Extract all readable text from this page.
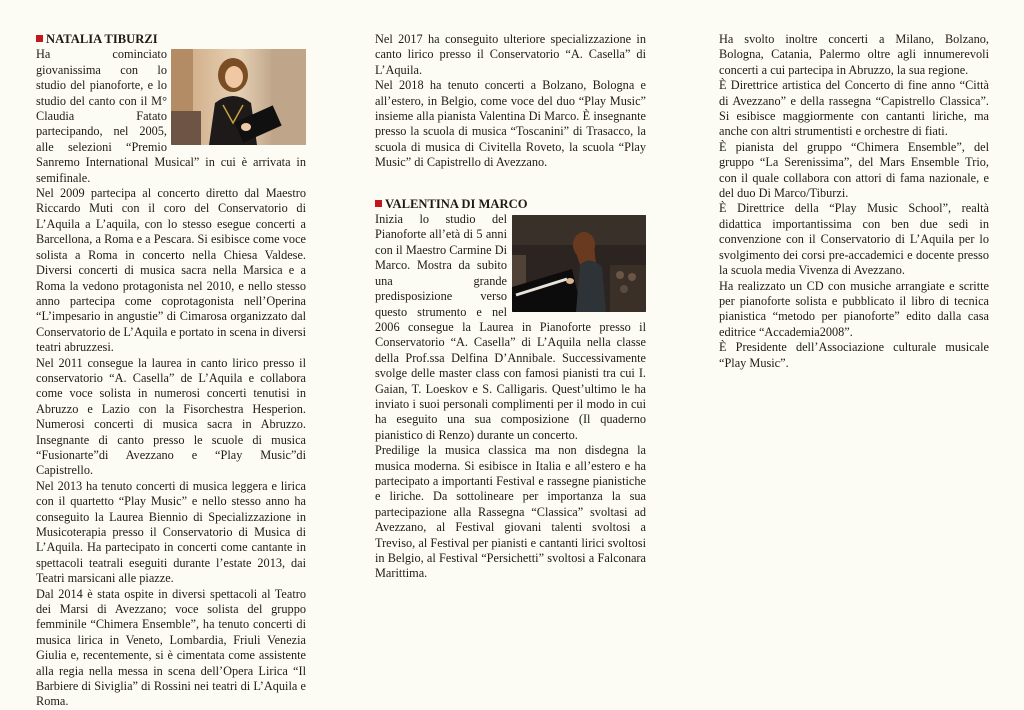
NATALIA TIBURZI

Ha cominciato giovanissima con lo studio del pianoforte, e lo studio del canto con il M° Claudia Fatato partecipando, nel 2005, alle selezioni “Premio Sanremo International Musical” in cui è arrivata in semifinale.

Nel 2009 partecipa al concerto diretto dal Maestro Riccardo Muti con il coro del Conservatorio di L’Aquila a L’aquila, con lo stesso esegue concerti a Barcellona, a Roma e a Pescara. Si esibisce come voce solista a Roma in concerto nella Chiesa Valdese. Diversi concerti di musica sacra nella Marsica e a Roma la vedono protagonista nel 2010, e nello stesso anno partecipa come coprotagonista nell’Operina “L’impesario in angustie” di Cimarosa organizzato dal Conservatorio de L’Aquila e portato in scena in diversi teatri abruzzesi.

Nel 2011 consegue la laurea in canto lirico presso il conservatorio “A. Casella” de L’Aquila e collabora come voce solista in numerosi concerti tenutisi in Abruzzo e Lazio con la Fisorchestra Hesperion. Numerosi concerti di musica sacra in Abruzzo. Insegnante di canto presso le scuole di musica “Fusionarte”di Avezzano e “Play Music”di Capistrello.

Nel 2013 ha tenuto concerti di musica leggera e lirica con il quartetto “Play Music” e nello stesso anno ha conseguito la Laurea Biennio di Specializzazione in Musicoterapia presso il Conservatorio di Musica di L’Aquila. Ha partecipato in concerti come cantante in spettacoli teatrali eseguiti durante l’estate 2013, dai Teatri marsicani alle piazze.

Dal 2014 è stata ospite in diversi spettacoli al Teatro dei Marsi di Avezzano; voce solista del gruppo femminile “Chimera Ensemble”, ha tenuto concerti di musica lirica in Veneto, Lombardia, Friuli Venezia Giulia e, recentemente, si è cimentata come assistente alla regia nella messa in scena dell’Opera Lirica “Il Barbiere di Siviglia” di Rossini nei teatri di L’Aquila e Roma.

Nel 2017 ha conseguito ulteriore specializzazione in canto lirico presso il Conservatorio “A. Casella” di L’Aquila.

Nel 2018 ha tenuto concerti a Bolzano, Bologna e all’estero, in Belgio, come voce del duo “Play Music” insieme alla pianista Valentina Di Marco. È insegnante presso la scuola di musica “Toscanini” di Trasacco, la scuola di musica di Civitella Roveto, la scuola “Play Music” di Capistrello di Avezzano.

VALENTINA DI MARCO

Inizia lo studio del Pianoforte all’età di 5 anni con il Maestro Carmine Di Marco. Mostra da subito una grande predisposizione verso questo strumento e nel 2006 consegue la Laurea in Pianoforte presso il Conservatorio “A. Casella” di L’Aquila nella classe della Prof.ssa Delfina D’Annibale. Successivamente svolge delle master class con famosi pianisti tra cui I. Gaian, T. Loeskov e S. Calligaris. Quest’ultimo le ha inviato i suoi personali complimenti per il modo in cui ha eseguito una sua composizione (Il quaderno pianistico di Renzo) durante un concerto.

Predilige la musica classica ma non disdegna la musica moderna. Si esibisce in Italia e all’estero e ha partecipato a importanti Festival e rassegne pianistiche e liriche. Da sottolineare per importanza la sua partecipazione alla Rassegna “Classica” svoltasi ad Avezzano, al Festival giovani talenti svoltosi a Treviso, al Festival per pianisti e cantanti lirici svoltosi in Belgio, al Festival “Persichetti” svoltosi a Falconara Marittima.

Ha svolto inoltre concerti a Milano, Bolzano, Bologna, Catania, Palermo oltre agli innumerevoli concerti a cui partecipa in Abruzzo, la sua regione.

È Direttrice artistica del Concerto di fine anno “Città di Avezzano” e della rassegna “Capistrello Classica”. Si esibisce maggiormente con cantanti liriche, ma anche con altri strumentisti e orchestre di fiati.

È pianista del gruppo “Chimera Ensemble”, del gruppo “La Serenissima”, del Mars Ensemble Trio, con il quale collabora con attori di fama nazionale, e del duo Di Marco/Tiburzi.

È Direttrice della “Play Music School”, realtà didattica importantissima con ben due sedi in convenzione con il Conservatorio di L’Aquila per lo svolgimento dei corsi pre-accademici e docente presso la scuola media Vivenza di Avezzano.

Ha realizzato un CD con musiche arrangiate e scritte per pianoforte solista e pubblicato il libro di tecnica pianistica “metodo per pianoforte” edito dalla casa editrice “Accademia2008”.

È Presidente dell’Associazione culturale musicale “Play Music”.
